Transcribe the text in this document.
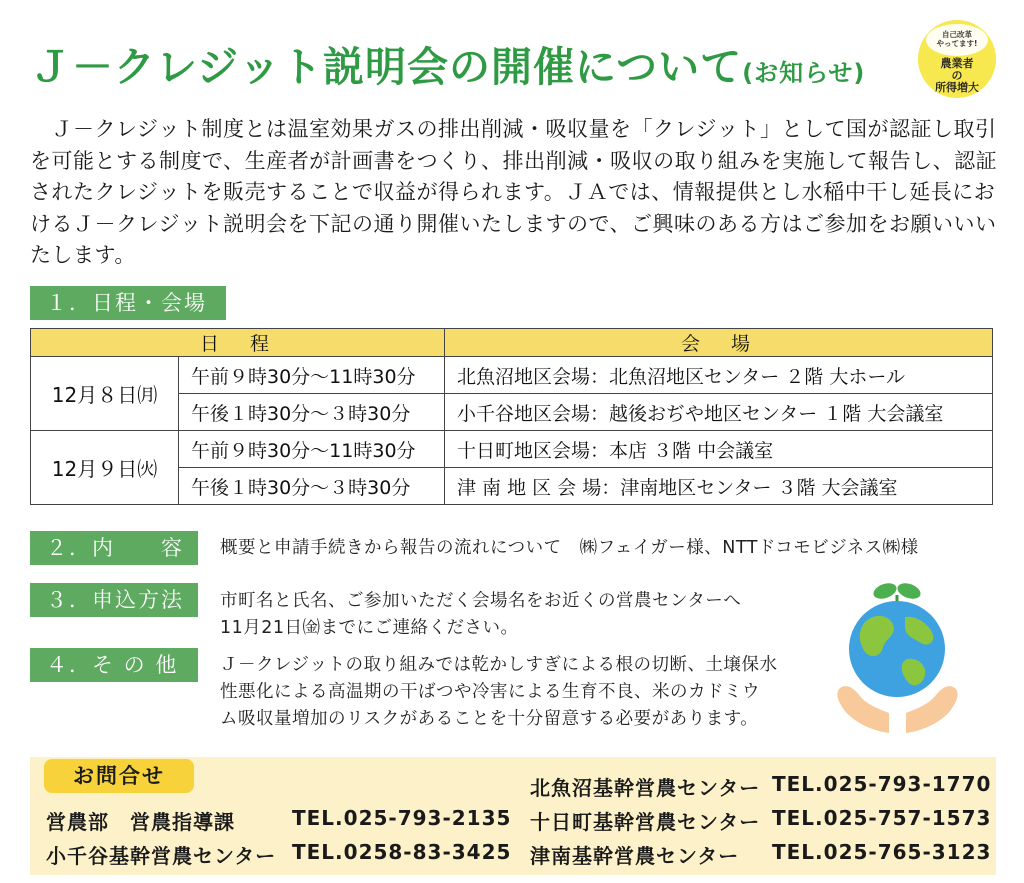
Ｊ－クレジット説明会の開催について(お知らせ)
自己改革
やってます!
農業者
の
所得増大

　Ｊ－クレジット制度とは温室効果ガスの排出削減・吸収量を「クレジット」として国が認証し取引を可能とする制度で、生産者が計画書をつくり、排出削減・吸収の取り組みを実施して報告し、認証されたクレジットを販売することで収益が得られます。ＪＡでは、情報提供とし水稲中干し延長におけるＪ－クレジット説明会を下記の通り開催いたしますので、ご興味のある方はご参加をお願いいいたします。

１．日程・会場
日　程		会　場
12月８日㈪	午前９時30分～11時30分	北魚沼地区会場：北魚沼地区センター ２階 大ホール
	午後１時30分～３時30分	小千谷地区会場：越後おぢや地区センター １階 大会議室
12月９日㈫	午前９時30分～11時30分	十日町地区会場：本店 ３階 中会議室
	午後１時30分～３時30分	津 南 地 区 会 場：津南地区センター ３階 大会議室
２．内　　容	概要と申請手続きから報告の流れについて　㈱フェイガー様、NTTドコモビジネス㈱様
３．申込方法	市町名と氏名、ご参加いただく会場名をお近くの営農センターへ
11月21日㈮までにご連絡ください。
４．そ の 他	Ｊ－クレジットの取り組みでは乾かしすぎによる根の切断、土壌保水
性悪化による高温期の干ばつや冷害による生育不良、米のカドミウ
ム吸収量増加のリスクがあることを十分留意する必要があります。
お問合せ	北魚沼基幹営農センター TEL.025-793-1770
営農部　営農指導課	TEL.025-793-2135 十日町基幹営農センター TEL.025-757-1573
小千谷基幹営農センター TEL.0258-83-3425 津南基幹営農センター TEL.025-765-3123
